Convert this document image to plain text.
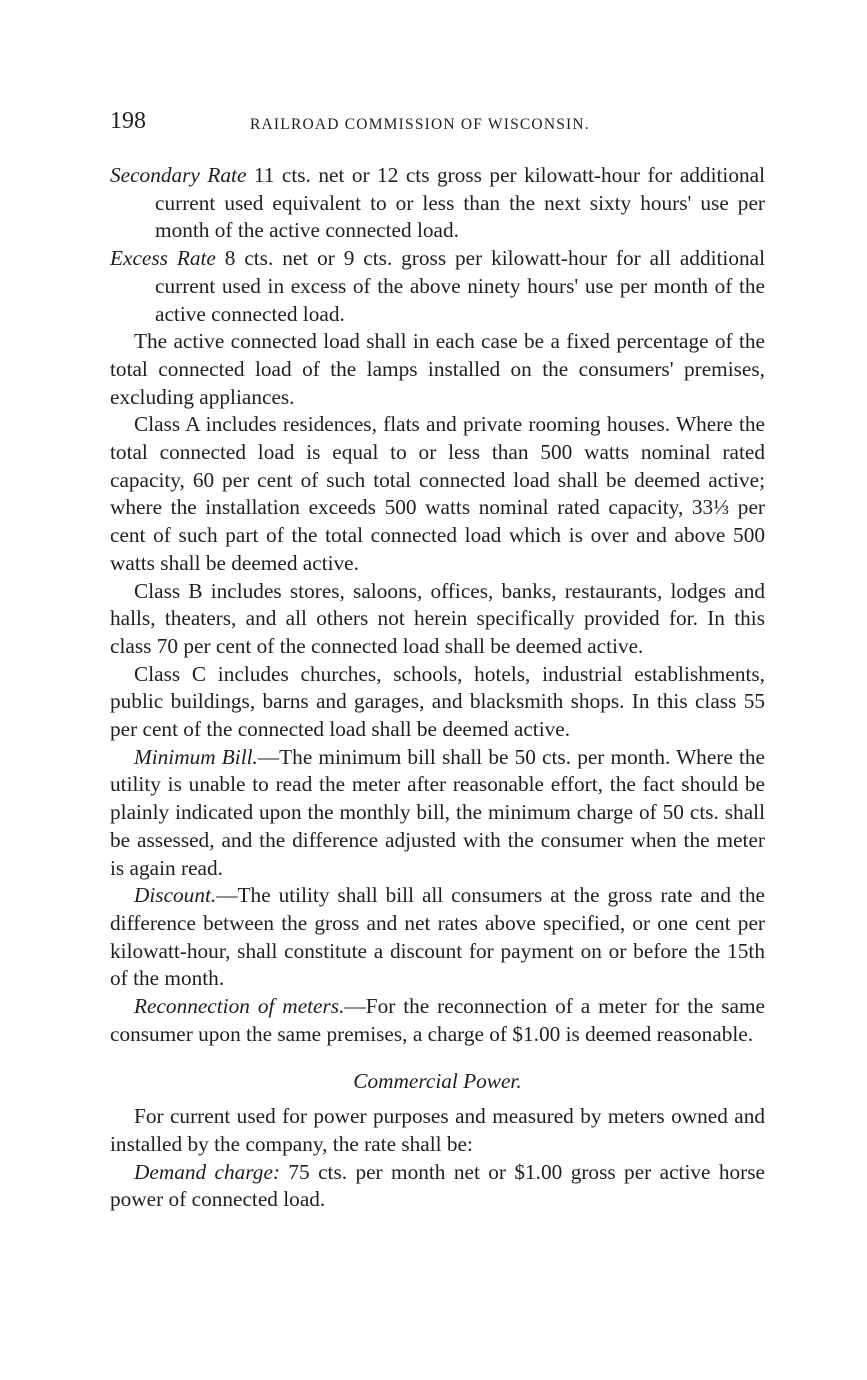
198	RAILROAD COMMISSION OF WISCONSIN.

Secondary Rate 11 cts. net or 12 cts gross per kilowatt-hour for additional current used equivalent to or less than the next sixty hours' use per month of the active connected load.

Excess Rate 8 cts. net or 9 cts. gross per kilowatt-hour for all additional current used in excess of the above ninety hours' use per month of the active connected load.

The active connected load shall in each case be a fixed percentage of the total connected load of the lamps installed on the consumers' premises, excluding appliances.

Class A includes residences, flats and private rooming houses. Where the total connected load is equal to or less than 500 watts nominal rated capacity, 60 per cent of such total connected load shall be deemed active; where the installation exceeds 500 watts nominal rated capacity, 33⅓ per cent of such part of the total connected load which is over and above 500 watts shall be deemed active.

Class B includes stores, saloons, offices, banks, restaurants, lodges and halls, theaters, and all others not herein specifically provided for. In this class 70 per cent of the connected load shall be deemed active.

Class C includes churches, schools, hotels, industrial establishments, public buildings, barns and garages, and blacksmith shops. In this class 55 per cent of the connected load shall be deemed active.

Minimum Bill.—The minimum bill shall be 50 cts. per month. Where the utility is unable to read the meter after reasonable effort, the fact should be plainly indicated upon the monthly bill, the minimum charge of 50 cts. shall be assessed, and the difference adjusted with the consumer when the meter is again read.

Discount.—The utility shall bill all consumers at the gross rate and the difference between the gross and net rates above specified, or one cent per kilowatt-hour, shall constitute a discount for payment on or before the 15th of the month.

Reconnection of meters.—For the reconnection of a meter for the same consumer upon the same premises, a charge of $1.00 is deemed reasonable.

Commercial Power.

For current used for power purposes and measured by meters owned and installed by the company, the rate shall be:

Demand charge: 75 cts. per month net or $1.00 gross per active horse power of connected load.
